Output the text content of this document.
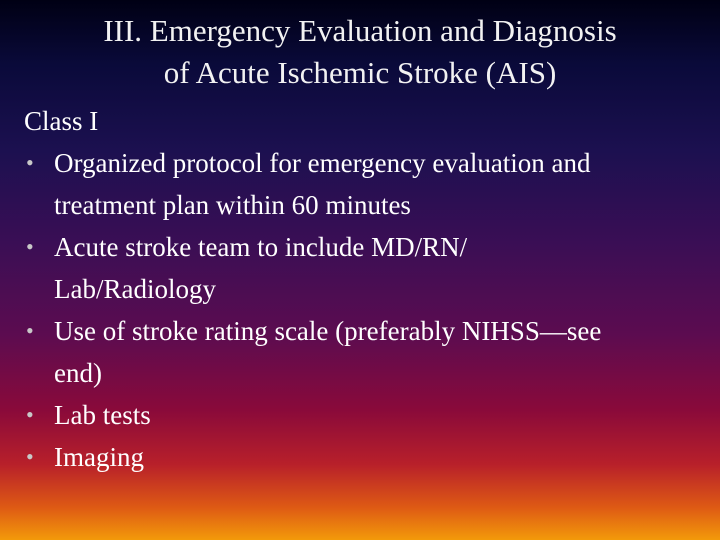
III. Emergency Evaluation and Diagnosis
of Acute Ischemic Stroke (AIS)
Class I
• Organized protocol for emergency evaluation and
treatment plan within 60 minutes
• Acute stroke team to include MD/RN/
Lab/Radiology
• Use of stroke rating scale (preferably NIHSS—see
end)
• Lab tests
• Imaging
